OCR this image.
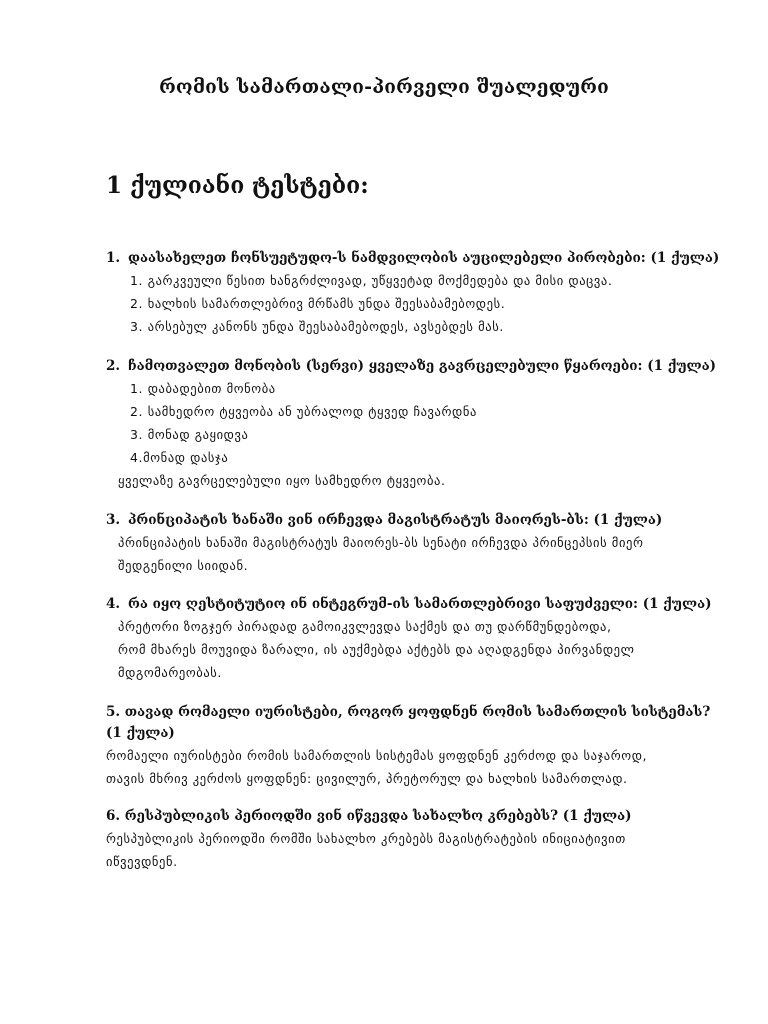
რომის სამართალი-პირველი შუალედური
1 ქულიანი ტესტები:
1. დაასახელეთ ჩონსუეტუდო-ს ნამდვილობის აუცილებელი პირობები: (1 ქულა)
1. გარკვეული წესით ხანგრძლივად, უწყვეტად მოქმედება და მისი დაცვა.
2. ხალხის სამართლებრივ მრწამს უნდა შეესაბამებოდეს.
3. არსებულ კანონს უნდა შეესაბამებოდეს, ავსებდეს მას.
2. ჩამოთვალეთ მონობის (სერვი) ყველაზე გავრცელებული წყაროები: (1 ქულა)
1. დაბადებით მონობა
2. სამხედრო ტყვეობა ან უბრალოდ ტყვედ ჩავარდნა
3. მონად გაყიდვა
4.მონად დასჯა
ყველაზე გავრცელებული იყო სამხედრო ტყვეობა.
3. პრინციპატის ხანაში ვინ ირჩევდა მაგისტრატუს მაიორეს-ბს: (1 ქულა)
პრინციპატის ხანაში მაგისტრატუს მაიორეს-ბს სენატი ირჩევდა პრინცეპსის მიერ
შედგენილი სიიდან.
4. რა იყო ღესტიტუტიო ინ ინტეგრუმ-ის სამართლებრივი საფუძველი: (1 ქულა)
პრეტორი ზოგჯერ პირადად გამოიკვლევდა საქმეს და თუ დარწმუნდებოდა,
რომ მხარეს მოუვიდა ზარალი, ის აუქმებდა აქტებს და აღადგენდა პირვანდელ
მდგომარეობას.
5. თავად რომაელი იურისტები, როგორ ყოფდნენ რომის სამართლის სისტემას? (1 ქულა)
რომაელი იურისტები რომის სამართლის სისტემას ყოფდნენ კერძოდ და საჯაროდ,
თავის მხრივ კერძოს ყოფდნენ: ცივილურ, პრეტორულ და ხალხის სამართლად.
6. რესპუბლიკის პერიოდში ვინ იწვევდა სახალხო კრებებს? (1 ქულა)
რესპუბლიკის პერიოდში რომში სახალხო კრებებს მაგისტრატების ინიციატივით
იწვევდნენ.
